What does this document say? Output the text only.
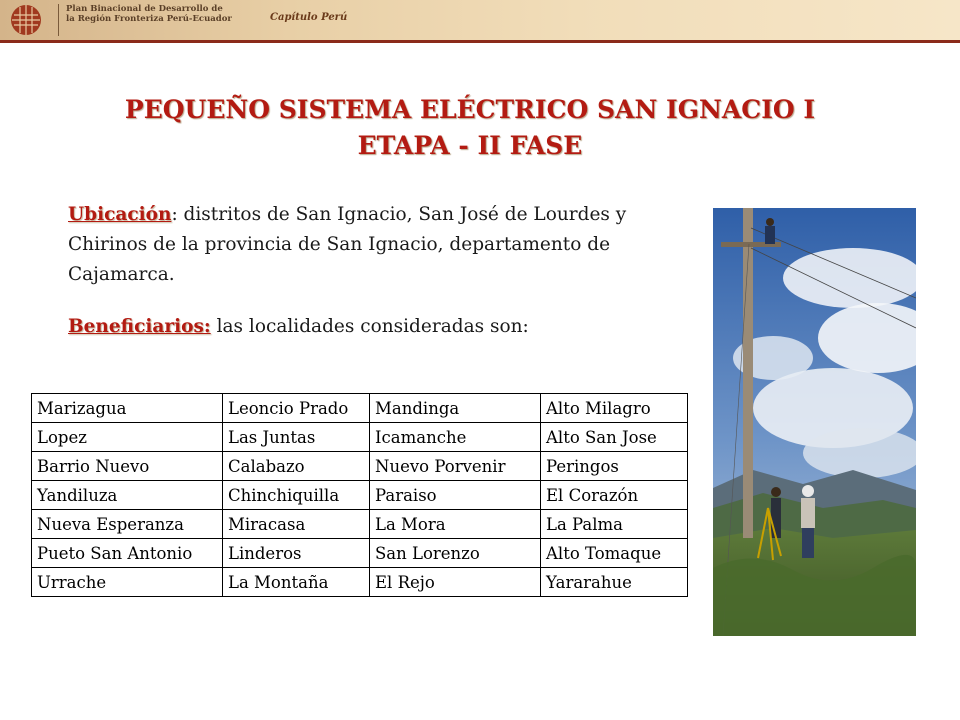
Plan Binacional de Desarrollo de
la Región Fronteriza Perú-Ecuador	Capítulo Perú
PEQUEÑO SISTEMA ELÉCTRICO SAN IGNACIO I
ETAPA - II FASE
Ubicación: distritos de San Ignacio, San José de Lourdes y Chirinos de la provincia de San Ignacio, departamento de Cajamarca.
Beneficiarios: las localidades consideradas son:
Marizagua	Leoncio Prado	Mandinga	Alto Milagro
Lopez	Las Juntas	Icamanche	Alto San Jose
Barrio Nuevo	Calabazo	Nuevo Porvenir	Peringos
Yandiluza	Chinchiquilla	Paraiso	El Corazón
Nueva Esperanza	Miracasa	La Mora	La Palma
Pueto San Antonio	Linderos	San Lorenzo	Alto Tomaque
Urrache	La Montaña	El Rejo	Yararahue
